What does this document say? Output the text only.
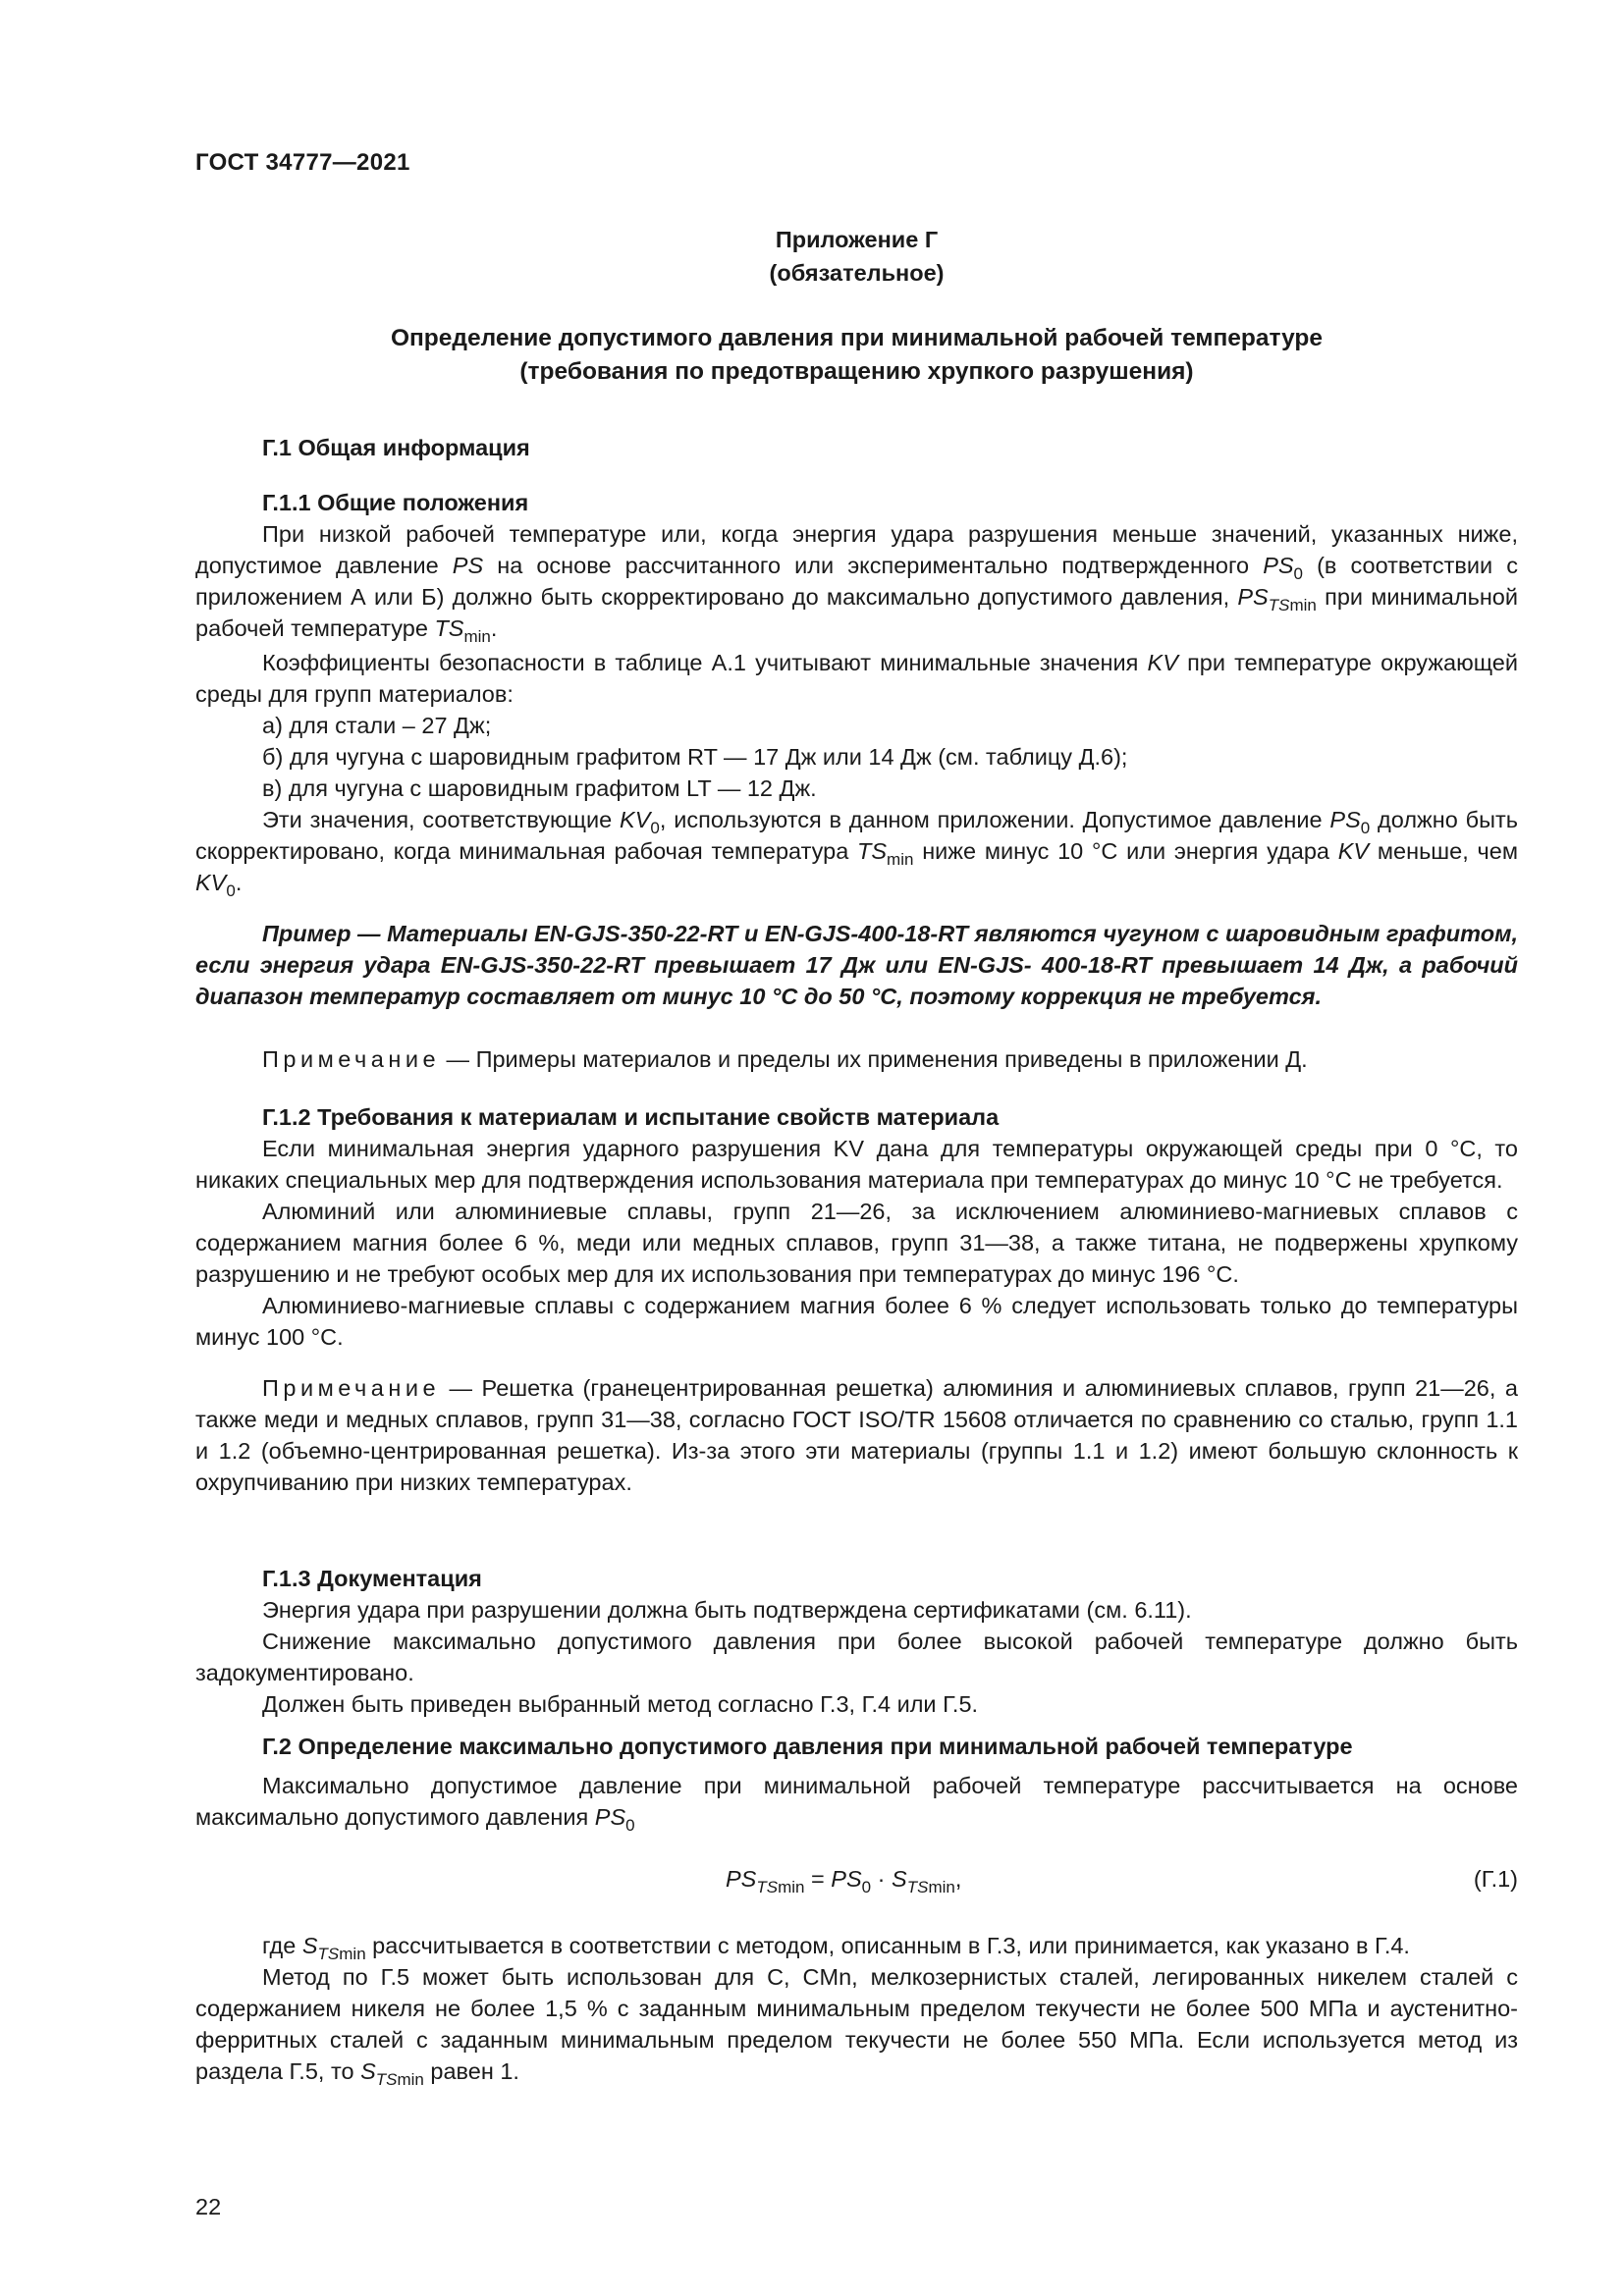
ГОСТ 34777—2021
Приложение Г
(обязательное)
Определение допустимого давления при минимальной рабочей температуре
(требования по предотвращению хрупкого разрушения)
Г.1 Общая информация
Г.1.1 Общие положения
При низкой рабочей температуре или, когда энергия удара разрушения меньше значений, указанных ниже, допустимое давление PS на основе рассчитанного или экспериментально подтвержденного $PS_0$ (в соответствии с приложением А или Б) должно быть скорректировано до максимально допустимого давления, $PS_{TSmin}$ при минимальной рабочей температуре $TS_{min}$.
Коэффициенты безопасности в таблице А.1 учитывают минимальные значения KV при температуре окружающей среды для групп материалов:
а) для стали – 27 Дж;
б) для чугуна с шаровидным графитом RT — 17 Дж или 14 Дж (см. таблицу Д.6);
в) для чугуна с шаровидным графитом LT — 12 Дж.
Эти значения, соответствующие $KV_0$, используются в данном приложении. Допустимое давление $PS_0$ должно быть скорректировано, когда минимальная рабочая температура $TS_{min}$ ниже минус 10 °С или энергия удара KV меньше, чем $KV_0$.
Пример — Материалы EN-GJS-350-22-RT и EN-GJS-400-18-RT являются чугуном с шаровидным графитом, если энергия удара EN-GJS-350-22-RT превышает 17 Дж или EN-GJS- 400-18-RT превышает 14 Дж, а рабочий диапазон температур составляет от минус 10 °С до 50 °С, поэтому коррекция не требуется.
Примечание — Примеры материалов и пределы их применения приведены в приложении Д.
Г.1.2 Требования к материалам и испытание свойств материала
Если минимальная энергия ударного разрушения KV дана для температуры окружающей среды при 0 °С, то никаких специальных мер для подтверждения использования материала при температурах до минус 10 °С не требуется.
Алюминий или алюминиевые сплавы, групп 21—26, за исключением алюминиево-магниевых сплавов с содержанием магния более 6 %, меди или медных сплавов, групп 31—38, а также титана, не подвержены хрупкому разрушению и не требуют особых мер для их использования при температурах до минус 196 °С.
Алюминиево-магниевые сплавы с содержанием магния более 6 % следует использовать только до температуры минус 100 °С.
Примечание — Решетка (гранецентрированная решетка) алюминия и алюминиевых сплавов, групп 21—26, а также меди и медных сплавов, групп 31—38, согласно ГОСТ ISO/TR 15608 отличается по сравнению со сталью, групп 1.1 и 1.2 (объемно-центрированная решетка). Из-за этого эти материалы (группы 1.1 и 1.2) имеют большую склонность к охрупчиванию при низких температурах.
Г.1.3 Документация
Энергия удара при разрушении должна быть подтверждена сертификатами (см. 6.11).
Снижение максимально допустимого давления при более высокой рабочей температуре должно быть задокументировано.
Должен быть приведен выбранный метод согласно Г.3, Г.4 или Г.5.
Г.2 Определение максимально допустимого давления при минимальной рабочей температуре
Максимально допустимое давление при минимальной рабочей температуре рассчитывается на основе максимально допустимого давления $PS_0$
$PS_{TSmin} = PS_0 \cdot S_{TSmin}$,	(Г.1)
где $S_{TSmin}$ рассчитывается в соответствии с методом, описанным в Г.3, или принимается, как указано в Г.4.
Метод по Г.5 может быть использован для С, CMn, мелкозернистых сталей, легированных никелем сталей с содержанием никеля не более 1,5 % с заданным минимальным пределом текучести не более 500 МПа и аустенитно-ферритных сталей с заданным минимальным пределом текучести не более 550 МПа. Если используется метод из раздела Г.5, то $S_{TSmin}$ равен 1.
22
